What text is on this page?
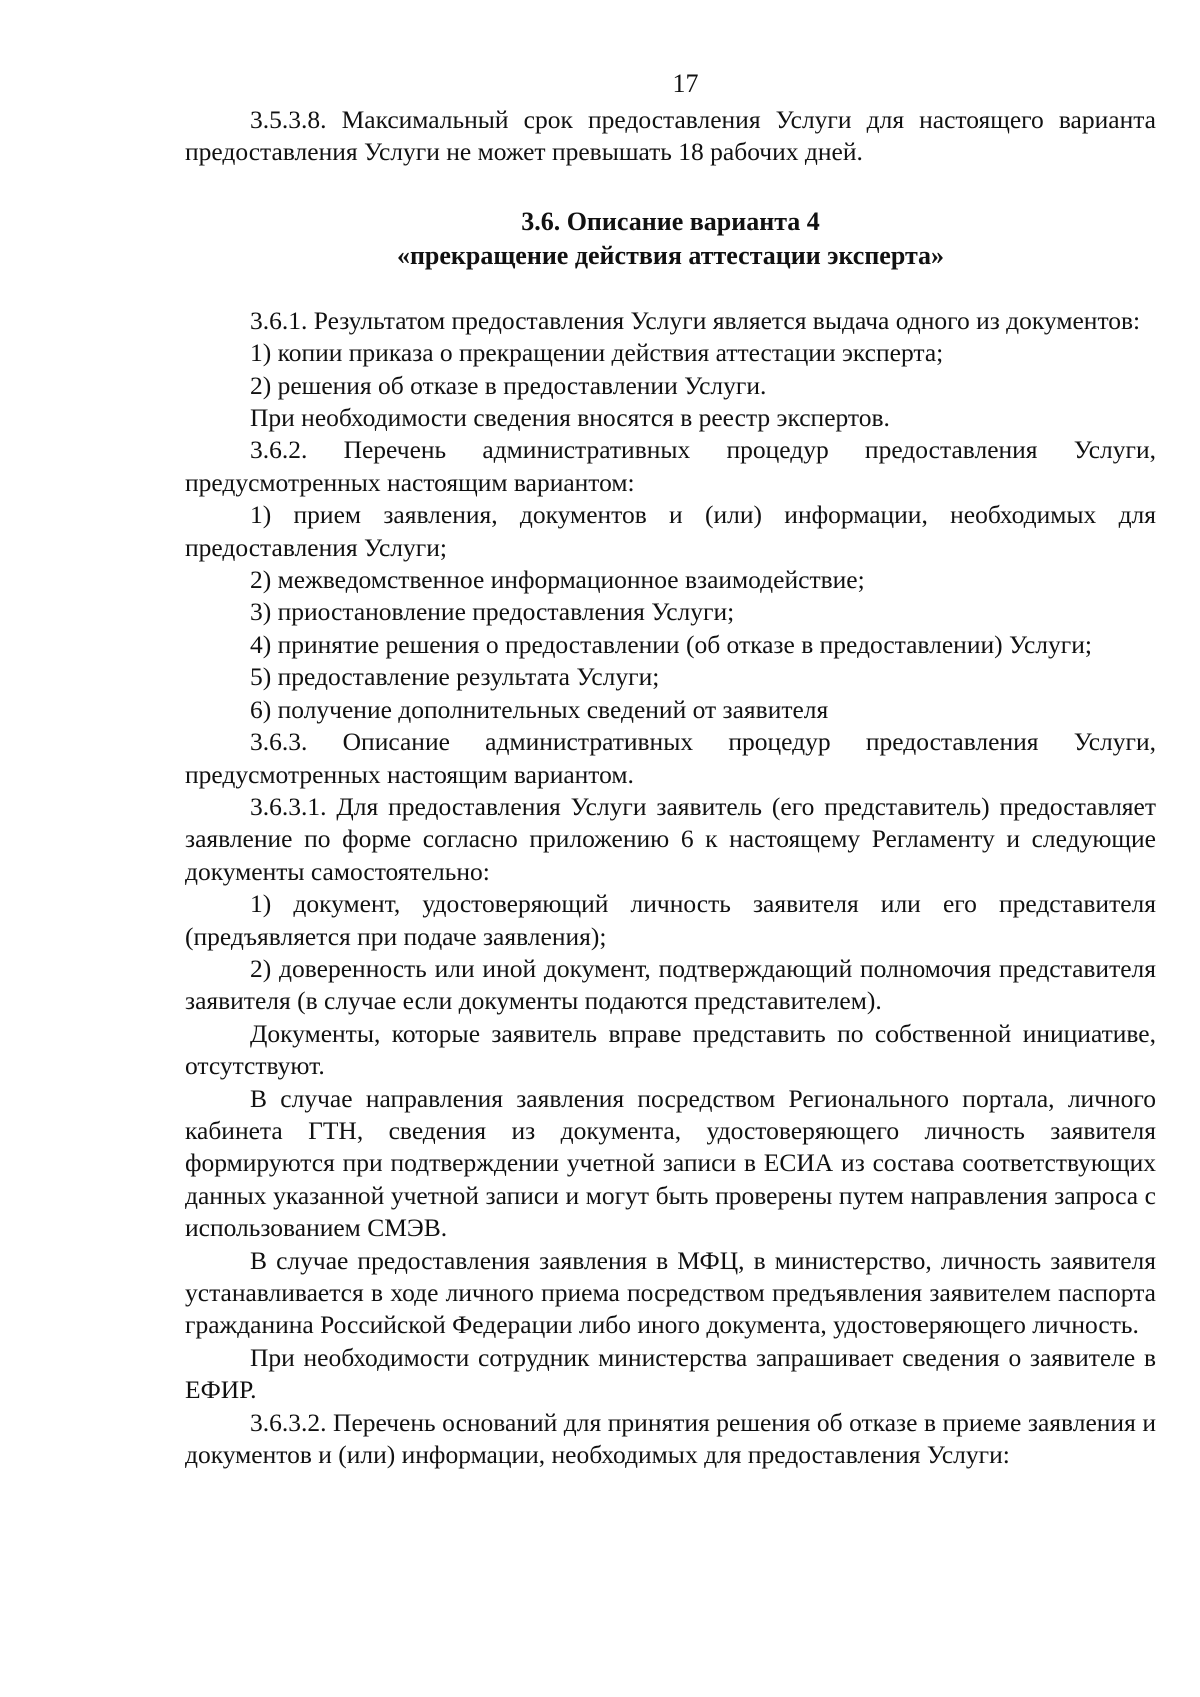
17

3.5.3.8. Максимальный срок предоставления Услуги для настоящего варианта предоставления Услуги не может превышать 18 рабочих дней.

3.6. Описание варианта 4
«прекращение действия аттестации эксперта»

3.6.1. Результатом предоставления Услуги является выдача одного из документов:

1) копии приказа о прекращении действия аттестации эксперта;

2) решения об отказе в предоставлении Услуги.

При необходимости сведения вносятся в реестр экспертов.

3.6.2. Перечень административных процедур предоставления Услуги, предусмотренных настоящим вариантом:

1) прием заявления, документов и (или) информации, необходимых для предоставления Услуги;

2) межведомственное информационное взаимодействие;

3) приостановление предоставления Услуги;

4) принятие решения о предоставлении (об отказе в предоставлении) Услуги;

5) предоставление результата Услуги;

6) получение дополнительных сведений от заявителя

3.6.3. Описание административных процедур предоставления Услуги, предусмотренных настоящим вариантом.

3.6.3.1. Для предоставления Услуги заявитель (его представитель) предоставляет заявление по форме согласно приложению 6 к настоящему Регламенту и следующие документы самостоятельно:

1) документ, удостоверяющий личность заявителя или его представителя (предъявляется при подаче заявления);

2) доверенность или иной документ, подтверждающий полномочия представителя заявителя (в случае если документы подаются представителем).

Документы, которые заявитель вправе представить по собственной инициативе, отсутствуют.

В случае направления заявления посредством Регионального портала, личного кабинета ГТН, сведения из документа, удостоверяющего личность заявителя формируются при подтверждении учетной записи в ЕСИА из состава соответствующих данных указанной учетной записи и могут быть проверены путем направления запроса с использованием СМЭВ.

В случае предоставления заявления в МФЦ, в министерство, личность заявителя устанавливается в ходе личного приема посредством предъявления заявителем паспорта гражданина Российской Федерации либо иного документа, удостоверяющего личность.

При необходимости сотрудник министерства запрашивает сведения о заявителе в ЕФИР.

3.6.3.2. Перечень оснований для принятия решения об отказе в приеме заявления и документов и (или) информации, необходимых для предоставления Услуги:
